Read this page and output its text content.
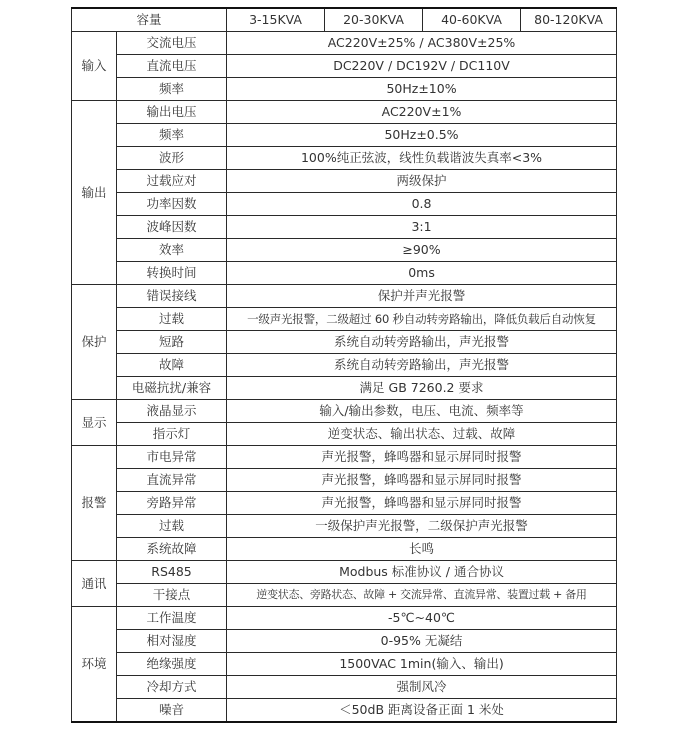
容量		3-15KVA	20-30KVA	40-60KVA	80-120KVA
输入	交流电压	AC220V±25% / AC380V±25%			
	直流电压	DC220V / DC192V / DC110V			
	频率	50Hz±10%			
输出	输出电压	AC220V±1%			
	频率	50Hz±0.5%			
	波形	100%纯正弦波，线性负载谐波失真率<3%			
	过载应对	两级保护			
	功率因数	0.8			
	波峰因数	3:1			
	效率	≥90%			
	转换时间	0ms			
保护	错误接线	保护并声光报警			
	过载	一级声光报警，二级超过 60 秒自动转旁路输出，降低负载后自动恢复			
	短路	系统自动转旁路输出，声光报警			
	故障	系统自动转旁路输出，声光报警			
	电磁抗扰/兼容	满足 GB 7260.2 要求			
显示	液晶显示	输入/输出参数，电压、电流、频率等			
	指示灯	逆变状态、输出状态、过载、故障			
报警	市电异常	声光报警，蜂鸣器和显示屏同时报警			
	直流异常	声光报警，蜂鸣器和显示屏同时报警			
	旁路异常	声光报警，蜂鸣器和显示屏同时报警			
	过载	一级保护声光报警，二级保护声光报警			
	系统故障	长鸣			
通讯	RS485	Modbus 标准协议 / 通合协议			
	干接点	逆变状态、旁路状态、故障 + 交流异常、直流异常、装置过载 + 备用			
环境	工作温度	-5℃~40℃			
	相对湿度	0-95% 无凝结			
	绝缘强度	1500VAC 1min(输入、输出)			
	冷却方式	强制风冷			
	噪音	＜50dB 距离设备正面 1 米处			
